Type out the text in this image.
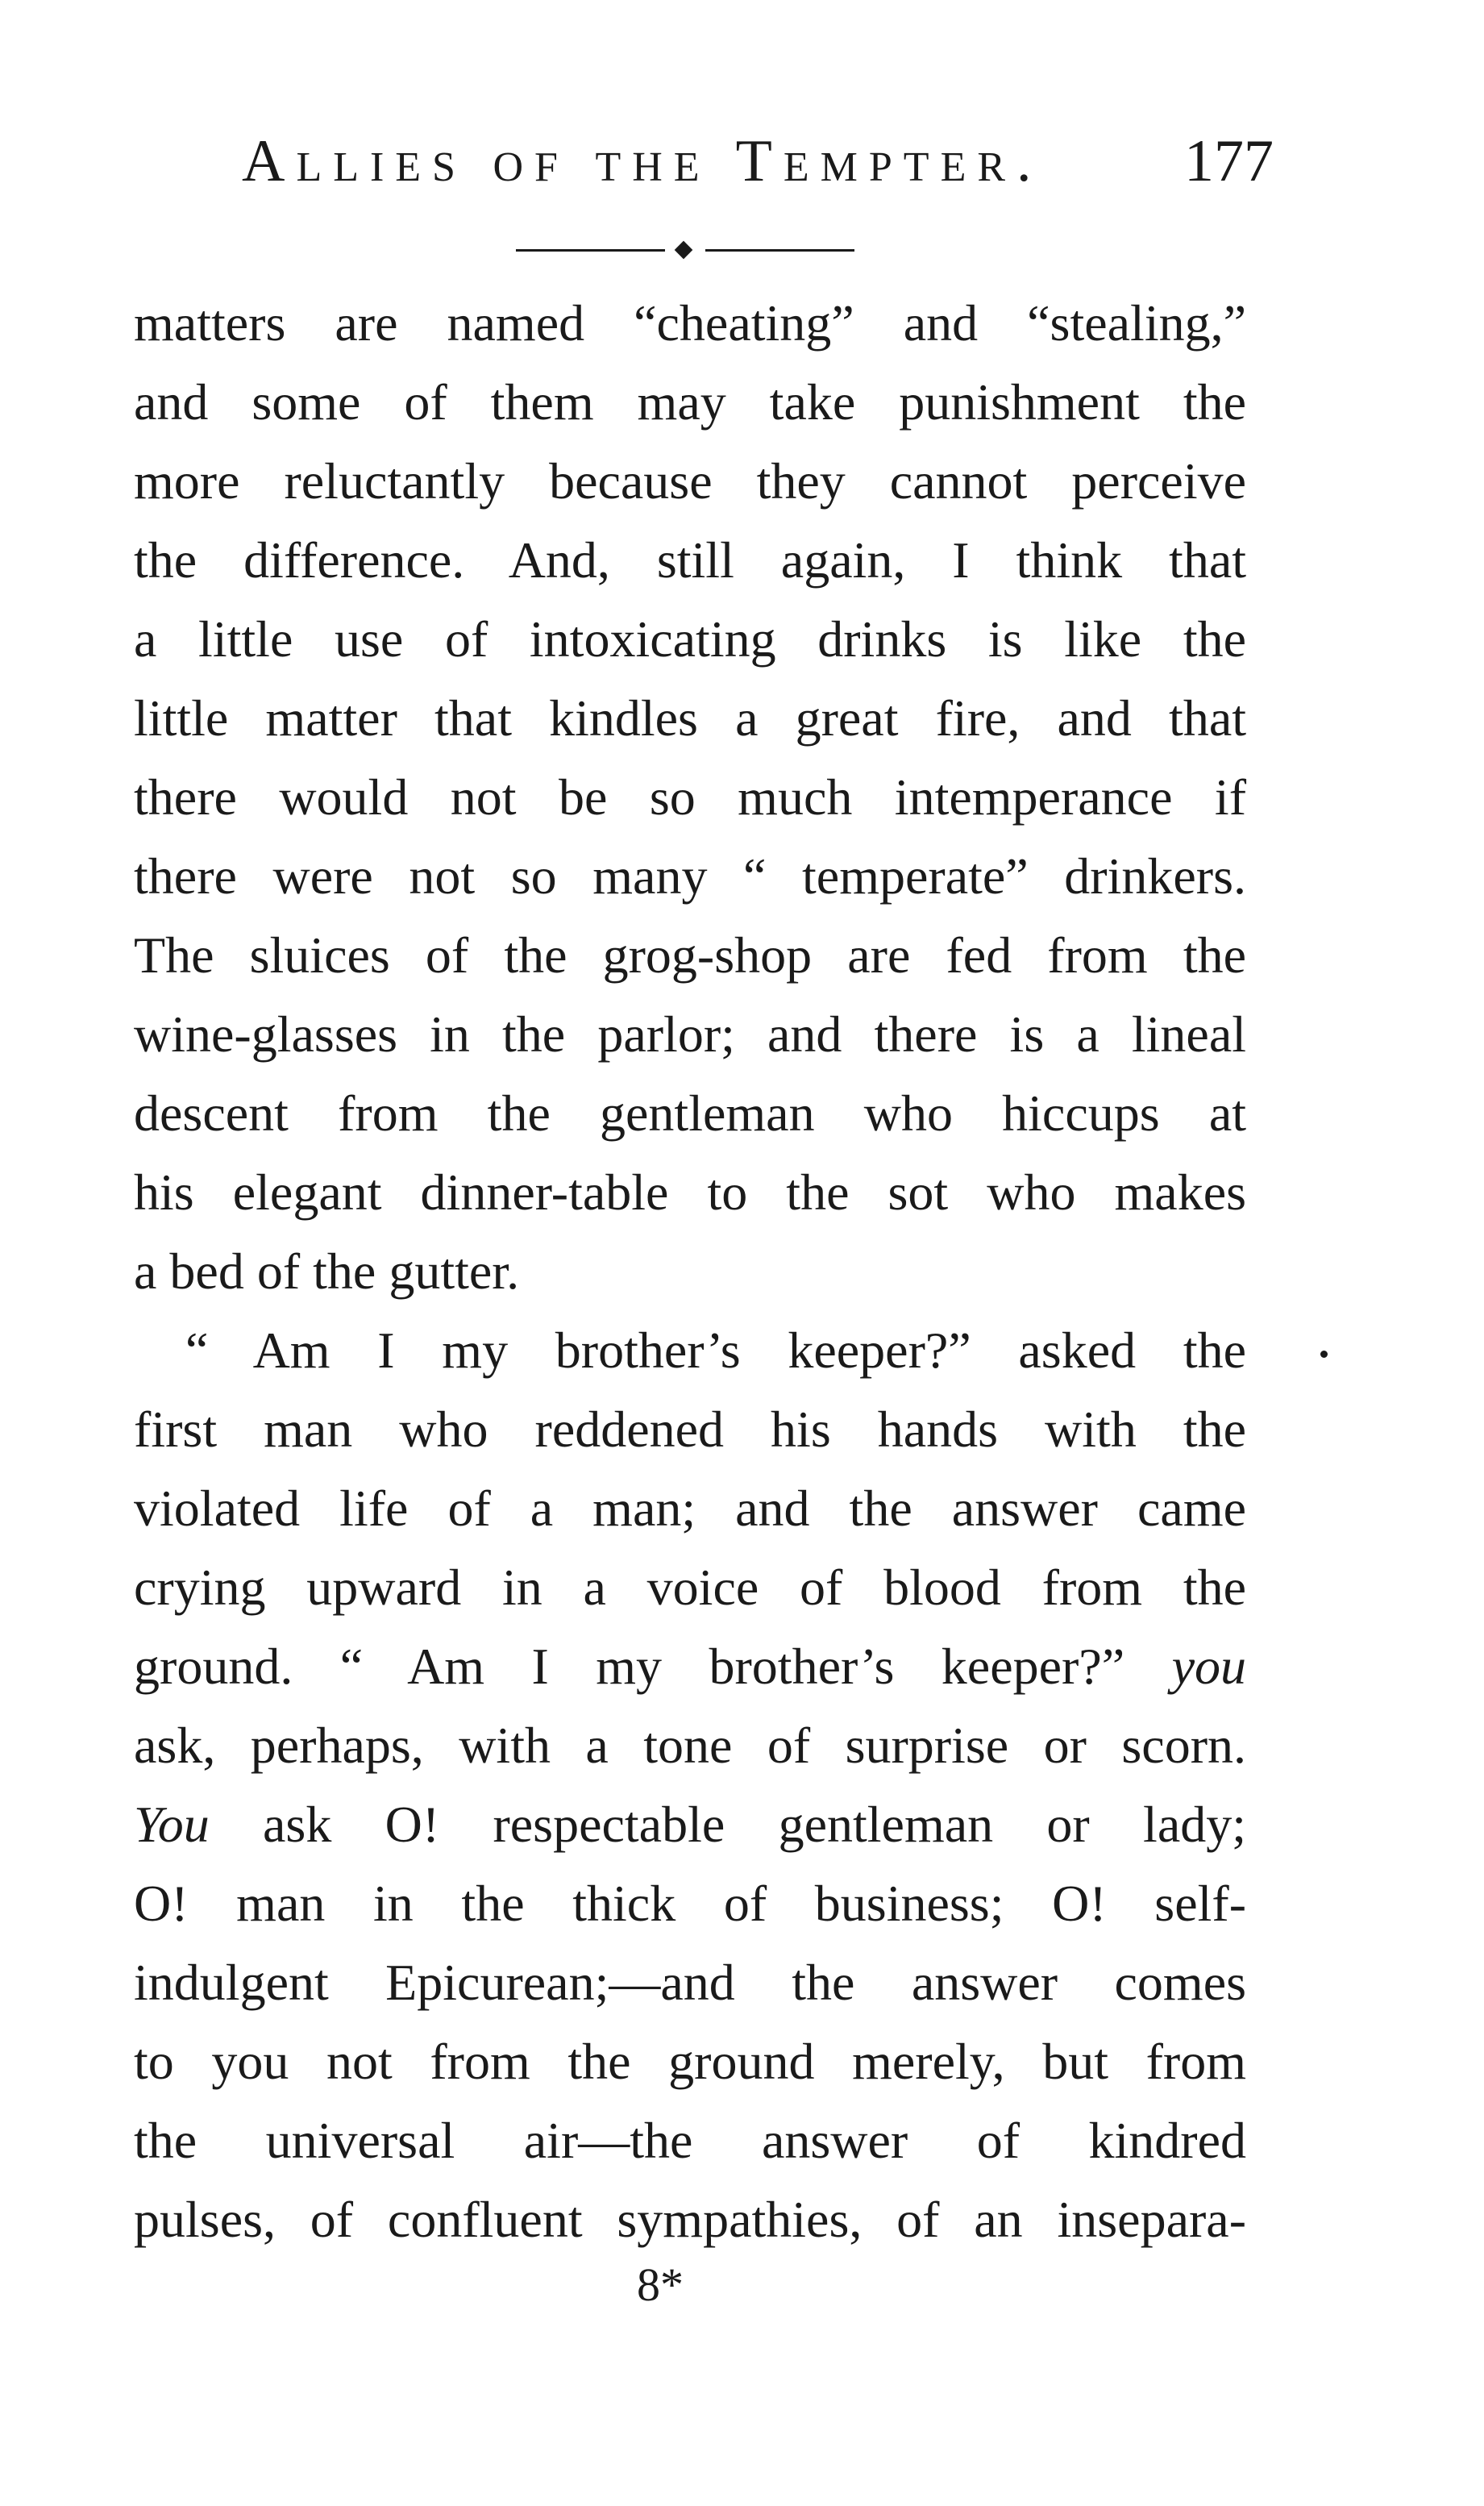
Allies of the Tempter. 177
matters are named “cheating” and “stealing,”
and some of them may take punishment the
more reluctantly because they cannot perceive
the difference. And, still again, I think that
a little use of intoxicating drinks is like the
little matter that kindles a great fire, and that
there would not be so much intemperance if
there were not so many “ temperate” drinkers.
The sluices of the grog-shop are fed from the
wine-glasses in the parlor; and there is a lineal
descent from the gentleman who hiccups at
his elegant dinner-table to the sot who makes
a bed of the gutter.
“ Am I my brother’s keeper?” asked the
first man who reddened his hands with the
violated life of a man; and the answer came
crying upward in a voice of blood from the
ground. “ Am I my brother’s keeper?” you
ask, perhaps, with a tone of surprise or scorn.
You ask O! respectable gentleman or lady;
O! man in the thick of business; O! self-
indulgent Epicurean;—and the answer comes
to you not from the ground merely, but from
the universal air—the answer of kindred
pulses, of confluent sympathies, of an insepara-
8*
